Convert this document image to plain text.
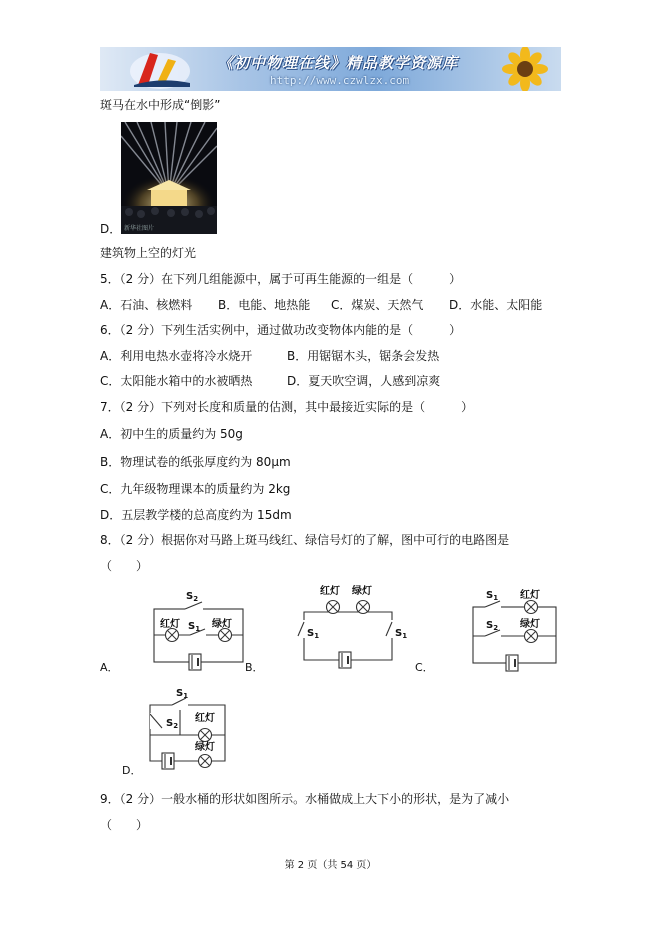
《初中物理在线》精品教学资源库
http://www.czwlzx.com
斑马在水中形成“倒影”
新华社图片
D．
建筑物上空的灯光
5．（2 分）在下列几组能源中，属于可再生能源的一组是（　　　）
A．石油、核燃料 B．电能、地热能 C．煤炭、天然气 D．水能、太阳能
6．（2 分）下列生活实例中，通过做功改变物体内能的是（　　　）
A．利用电热水壶将冷水烧开	B．用锯锯木头，锯条会发热
C．太阳能水箱中的水被晒热	D．夏天吹空调，人感到凉爽
7．（2 分）下列对长度和质量的估测，其中最接近实际的是（　　　）
A．初中生的质量约为 50g
B．物理试卷的纸张厚度约为 80μm
C．九年级物理课本的质量约为 2kg
D．五层教学楼的总高度约为 15dm
8．（2 分）根据你对马路上斑马线红、绿信号灯的了解，图中可行的电路图是
（　　）
$S_2$
红灯 $S_1$ 绿灯
红灯 绿灯
$S_1$	$S_1$
$S_1$ 红灯
$S_2$ 绿灯
$S_1$
$S_2$
红灯
绿灯
A．	B．	C．
D．
9．（2 分）一般水桶的形状如图所示。水桶做成上大下小的形状，是为了减小
（　　）
第 2 页（共 54 页）
